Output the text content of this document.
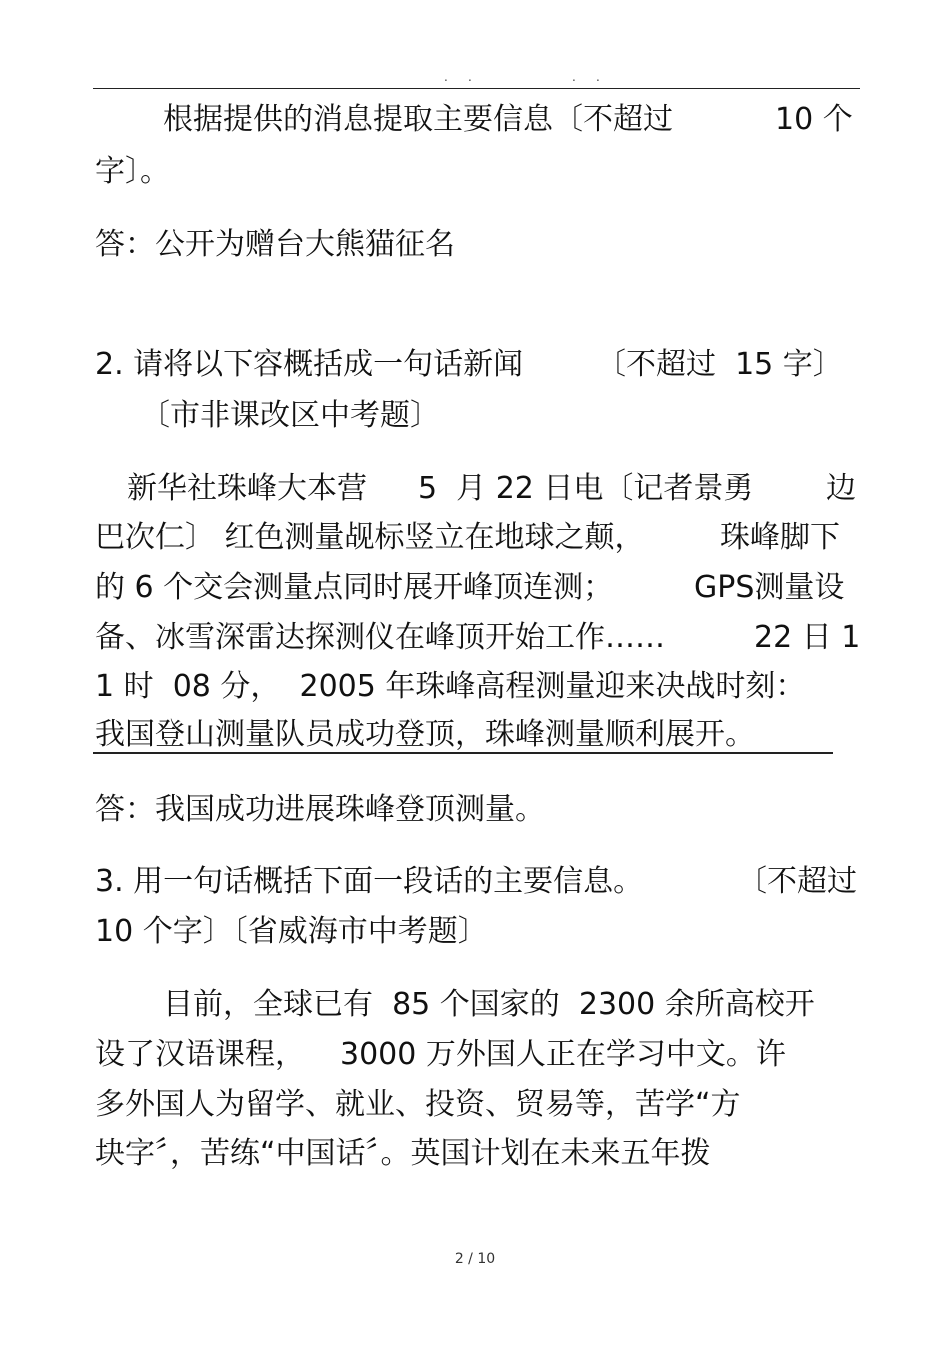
. .	. .
根据提供的消息提取主要信息〔不超过	10 个
字〕。
答：公开为赠台大熊猫征名
2. 请将以下容概括成一句话新闻 〔不超过  15 字〕
〔市非课改区中考题〕
新华社珠峰大本营 5  月 22 日电〔记者景勇 边
巴次仁〕 红色测量觇标竖立在地球之颠，	珠峰脚下
的 6 个交会测量点同时展开峰顶连测；	GPS测量设
备、冰雪深雷达探测仪在峰顶开始工作……	22 日 1
1 时  08 分，  2005 年珠峰高程测量迎来决战时刻：
我国登山测量队员成功登顶，珠峰测量顺利展开。
答：我国成功进展珠峰登顶测量。
3. 用一句话概括下面一段话的主要信息。	〔不超过
10 个字〕〔省威海市中考题〕
目前，全球已有  85 个国家的  2300 余所高校开
设了汉语课程， 3000 万外国人正在学习中文。许
多外国人为留学、就业、投资、贸易等，苦学“方
块字〞，苦练“中国话〞。英国计划在未来五年拨
2 / 10
